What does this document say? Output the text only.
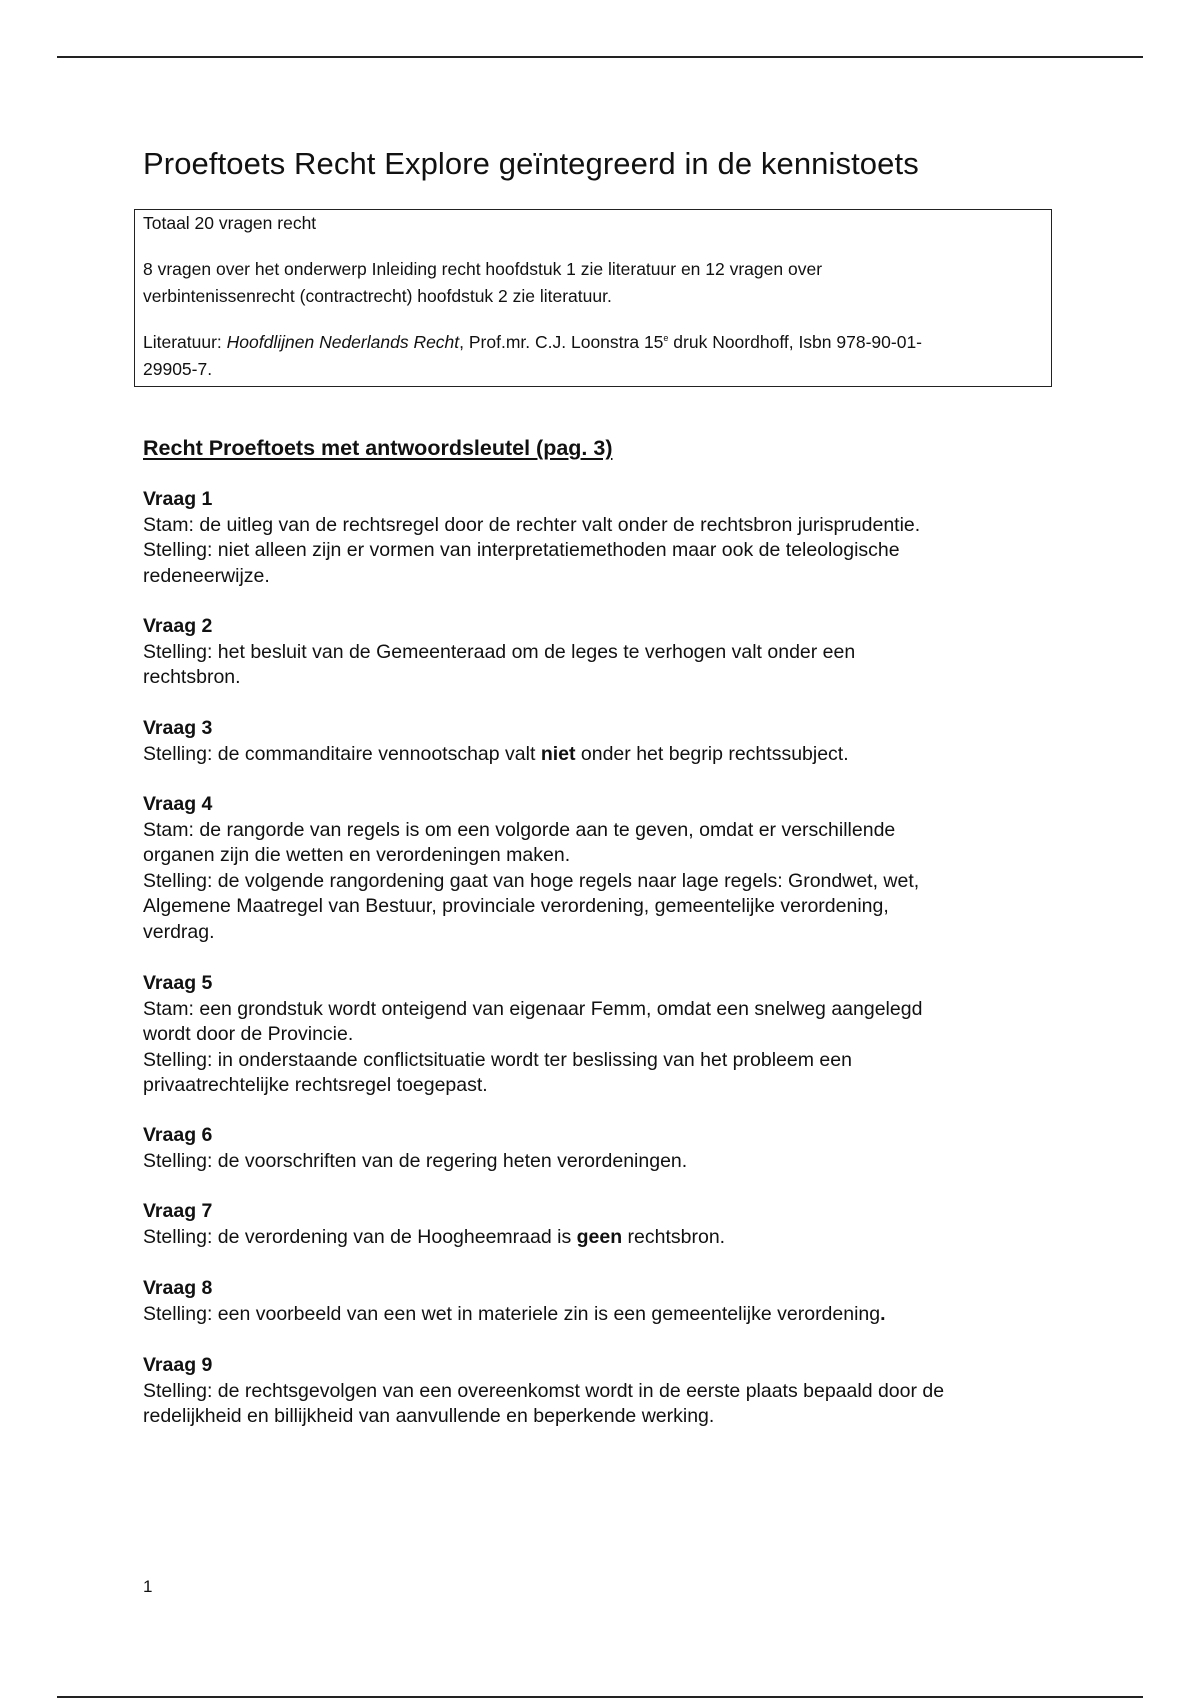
Proeftoets Recht Explore geïntegreerd in de kennistoets

Totaal 20 vragen recht

8 vragen over het onderwerp Inleiding recht hoofdstuk 1 zie literatuur en 12 vragen over
verbintenissenrecht (contractrecht) hoofdstuk 2 zie literatuur.

Literatuur: Hoofdlijnen Nederlands Recht, Prof.mr. C.J. Loonstra 15e druk Noordhoff, Isbn 978-90-01-
29905-7.

Recht Proeftoets met antwoordsleutel (pag. 3)
Vraag 1
Stam: de uitleg van de rechtsregel door de rechter valt onder de rechtsbron jurisprudentie.
Stelling: niet alleen zijn er vormen van interpretatiemethoden maar ook de teleologische
redeneerwijze.
Vraag 2
Stelling: het besluit van de Gemeenteraad om de leges te verhogen valt onder een
rechtsbron.
Vraag 3
Stelling: de commanditaire vennootschap valt niet onder het begrip rechtssubject.
Vraag 4
Stam: de rangorde van regels is om een volgorde aan te geven, omdat er verschillende
organen zijn die wetten en verordeningen maken.
Stelling: de volgende rangordening gaat van hoge regels naar lage regels: Grondwet, wet,
Algemene Maatregel van Bestuur, provinciale verordening, gemeentelijke verordening,
verdrag.
Vraag 5
Stam: een grondstuk wordt onteigend van eigenaar Femm, omdat een snelweg aangelegd
wordt door de Provincie.
Stelling: in onderstaande conflictsituatie wordt ter beslissing van het probleem een
privaatrechtelijke rechtsregel toegepast.
Vraag 6
Stelling: de voorschriften van de regering heten verordeningen.
Vraag 7
Stelling: de verordening van de Hoogheemraad is geen rechtsbron.
Vraag 8
Stelling: een voorbeeld van een wet in materiele zin is een gemeentelijke verordening.
Vraag 9
Stelling: de rechtsgevolgen van een overeenkomst wordt in de eerste plaats bepaald door de
redelijkheid en billijkheid van aanvullende en beperkende werking.
1
